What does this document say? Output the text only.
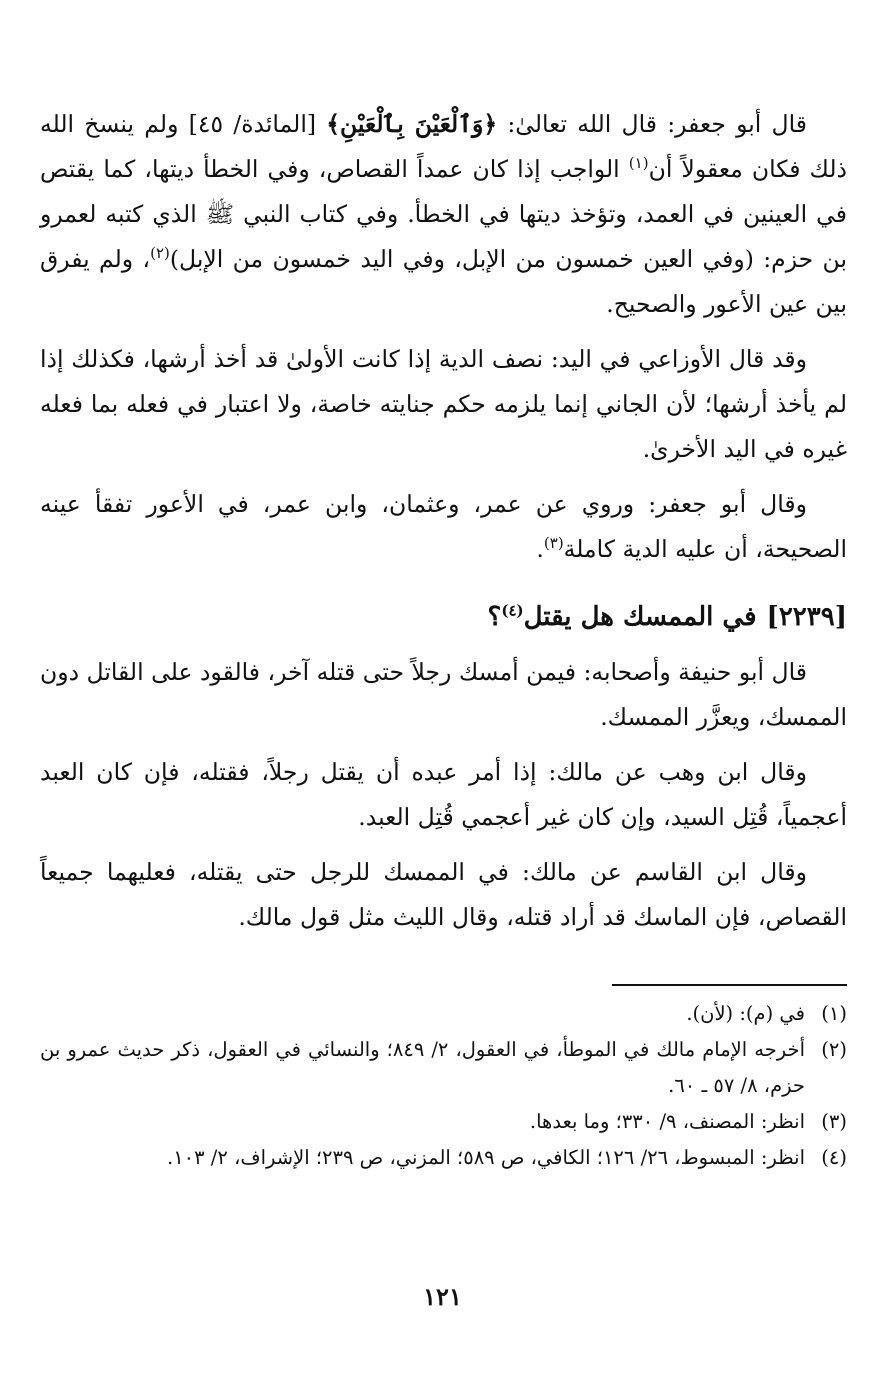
قال أبو جعفر: قال الله تعالىٰ: ﴿وَٱلْعَيْنَ بِٱلْعَيْنِ﴾ [المائدة/ ٤٥] ولم ينسخ الله ذلك فكان معقولاً أن$^{(١)}$ الواجب إذا كان عمداً القصاص، وفي الخطأ ديتها، كما يقتص في العينين في العمد، وتؤخذ ديتها في الخطأ. وفي كتاب النبي ﷺ الذي كتبه لعمرو بن حزم: (وفي العين خمسون من الإبل، وفي اليد خمسون من الإبل)$^{(٢)}$، ولم يفرق بين عين الأعور والصحيح.

وقد قال الأوزاعي في اليد: نصف الدية إذا كانت الأولىٰ قد أخذ أرشها، فكذلك إذا لم يأخذ أرشها؛ لأن الجاني إنما يلزمه حكم جنايته خاصة، ولا اعتبار في فعله بما فعله غيره في اليد الأخرىٰ.

وقال أبو جعفر: وروي عن عمر، وعثمان، وابن عمر، في الأعور تفقأ عينه الصحيحة، أن عليه الدية كاملة$^{(٣)}$.

[٢٢٣٩]في الممسك هل يقتل$^{(٤)}$؟

قال أبو حنيفة وأصحابه: فيمن أمسك رجلاً حتى قتله آخر، فالقود على القاتل دون الممسك، ويعزَّر الممسك.

وقال ابن وهب عن مالك: إذا أمر عبده أن يقتل رجلاً، فقتله، فإن كان العبد أعجمياً، قُتِل السيد، وإن كان غير أعجمي قُتِل العبد.

وقال ابن القاسم عن مالك: في الممسك للرجل حتى يقتله، فعليهما جميعاً القصاص، فإن الماسك قد أراد قتله، وقال الليث مثل قول مالك.

(١)
في (م): (لأن).
(٢)
أخرجه الإمام مالك في الموطأ، في العقول، ٢/ ٨٤٩؛ والنسائي في العقول، ذكر حديث عمرو بن حزم، ٨/ ٥٧ ـ ٦٠.
(٣)
انظر: المصنف، ٩/ ٣٣٠؛ وما بعدها.
(٤)
انظر: المبسوط، ٢٦/ ١٢٦؛ الكافي، ص ٥٨٩؛ المزني، ص ٢٣٩؛ الإشراف، ٢/ ١٠٣.
١٢١
